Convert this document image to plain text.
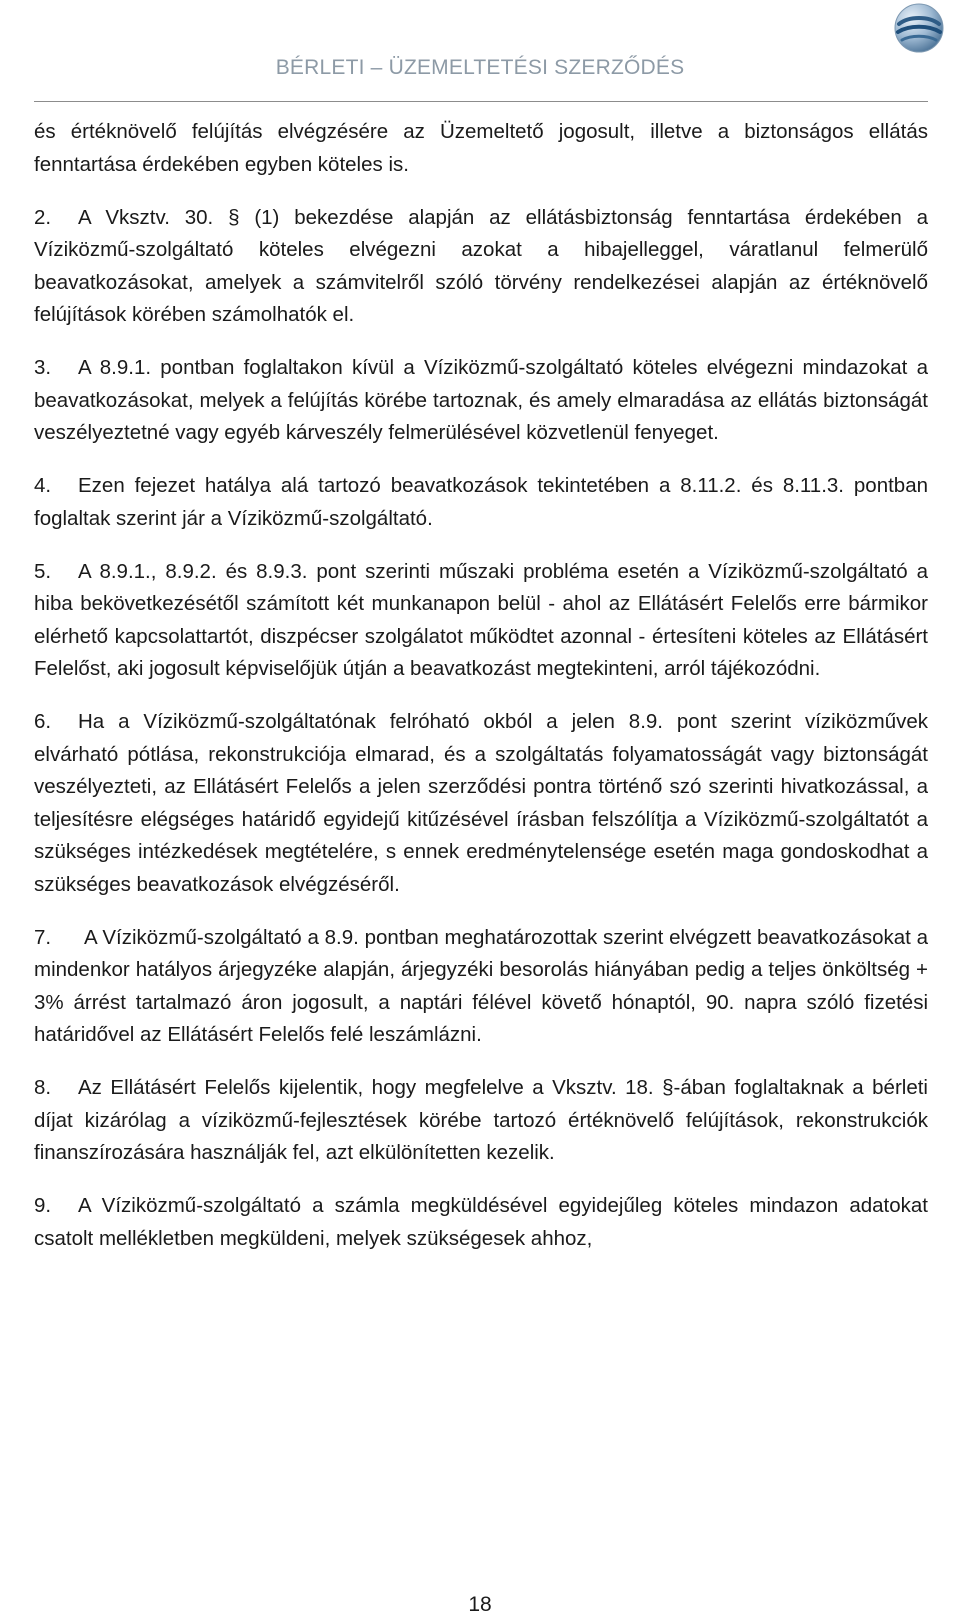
BÉRLETI – ÜZEMELTETÉSI SZERZŐDÉS

és értéknövelő felújítás elvégzésére az Üzemeltető jogosult, illetve a biztonságos ellátás fenntartása érdekében egyben köteles is.

2. A Vksztv. 30. § (1) bekezdése alapján az ellátásbiztonság fenntartása érdekében a Víziközmű-szolgáltató köteles elvégezni azokat a hibajelleggel, váratlanul felmerülő beavatkozásokat, amelyek a számvitelről szóló törvény rendelkezései alapján az értéknövelő felújítások körében számolhatók el.

3. A 8.9.1. pontban foglaltakon kívül a Víziközmű-szolgáltató köteles elvégezni mindazokat a beavatkozásokat, melyek a felújítás körébe tartoznak, és amely elmaradása az ellátás biztonságát veszélyeztetné vagy egyéb kárveszély felmerülésével közvetlenül fenyeget.

4. Ezen fejezet hatálya alá tartozó beavatkozások tekintetében a 8.11.2. és 8.11.3. pontban foglaltak szerint jár a Víziközmű-szolgáltató.

5. A 8.9.1., 8.9.2. és 8.9.3. pont szerinti műszaki probléma esetén a Víziközmű-szolgáltató a hiba bekövetkezésétől számított két munkanapon belül - ahol az Ellátásért Felelős erre bármikor elérhető kapcsolattartót, diszpécser szolgálatot működtet azonnal - értesíteni köteles az Ellátásért Felelőst, aki jogosult képviselőjük útján a beavatkozást megtekinteni, arról tájékozódni.

6. Ha a Víziközmű-szolgáltatónak felróható okból a jelen 8.9. pont szerint víziközművek elvárható pótlása, rekonstrukciója elmarad, és a szolgáltatás folyamatosságát vagy biztonságát veszélyezteti, az Ellátásért Felelős a jelen szerződési pontra történő szó szerinti hivatkozással, a teljesítésre elégséges határidő egyidejű kitűzésével írásban felszólítja a Víziközmű-szolgáltatót a szükséges intézkedések megtételére, s ennek eredménytelensége esetén maga gondoskodhat a szükséges beavatkozások elvégzéséről.

7. A Víziközmű-szolgáltató a 8.9. pontban meghatározottak szerint elvégzett beavatkozásokat a mindenkor hatályos árjegyzéke alapján, árjegyzéki besorolás hiányában pedig a teljes önköltség + 3% árrést tartalmazó áron jogosult, a naptári félével követő hónaptól, 90. napra szóló fizetési határidővel az Ellátásért Felelős felé leszámlázni.

8. Az Ellátásért Felelős kijelentik, hogy megfelelve a Vksztv. 18. §-ában foglaltaknak a bérleti díjat kizárólag a víziközmű-fejlesztések körébe tartozó értéknövelő felújítások, rekonstrukciók finanszírozására használják fel, azt elkülönítetten kezelik.

9. A Víziközmű-szolgáltató a számla megküldésével egyidejűleg köteles mindazon adatokat csatolt mellékletben megküldeni, melyek szükségesek ahhoz,

18
